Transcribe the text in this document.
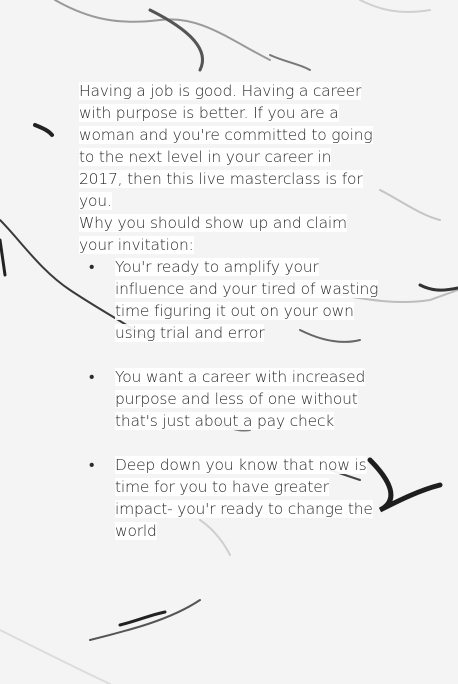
Having a job is good. Having a career with purpose is better. If you are a woman and you're committed to going to the next level in your career in 2017, then this live masterclass is for you.

Why you should show up and claim your invitation:

• You'r ready to amplify your influence and your tired of wasting time figuring it out on your own using trial and error
• You want a career with increased purpose and less of one without that's just about a pay check
• Deep down you know that now is time for you to have greater impact- you'r ready to change the world
